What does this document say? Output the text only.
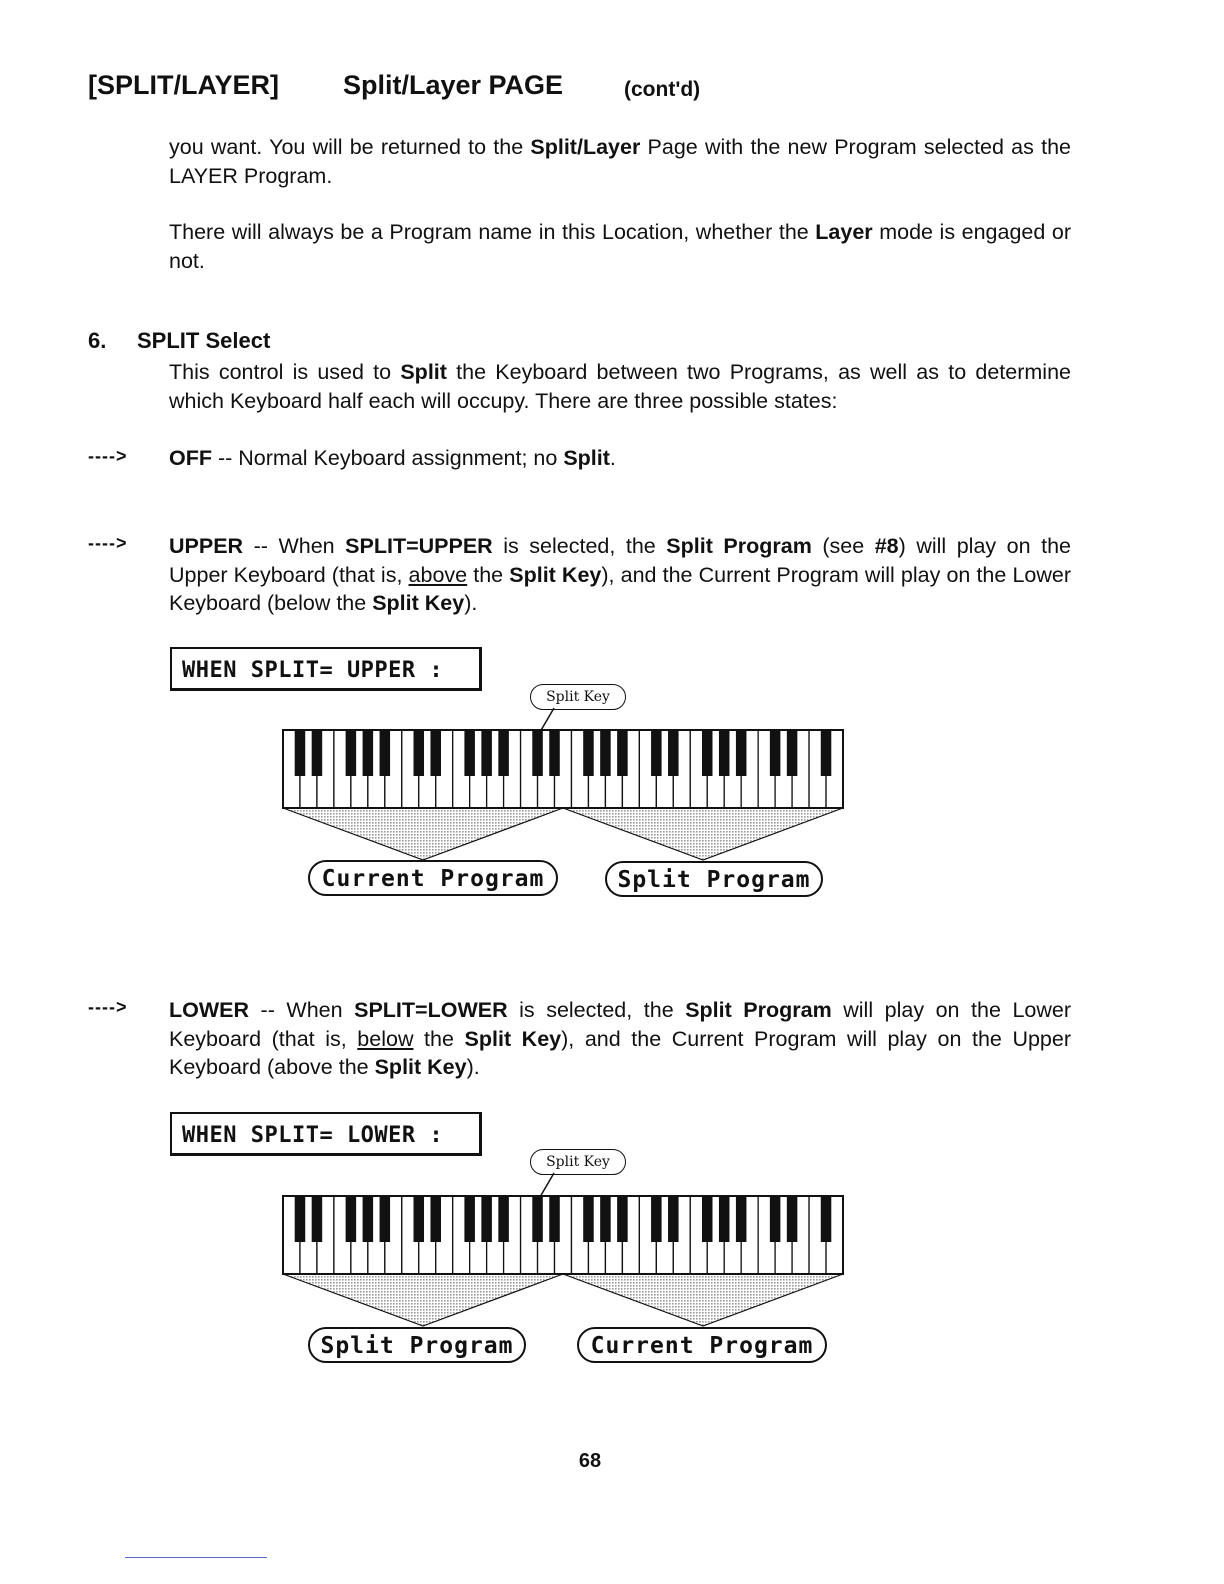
[SPLIT/LAYER] Split/Layer PAGE	(cont'd)
you want. You will be returned to the Split/Layer Page with the new Program selected as the LAYER Program.
There will always be a Program name in this Location, whether the Layer mode is engaged or not.
6. SPLIT Select
This control is used to Split the Keyboard between two Programs, as well as to determine which Keyboard half each will occupy. There are three possible states:
----> OFF -- Normal Keyboard assignment; no Split.
----> UPPER -- When SPLIT=UPPER is selected, the Split Program (see #8) will play on the Upper Keyboard (that is, above the Split Key), and the Current Program will play on the Lower Keyboard (below the Split Key).
WHEN SPLIT= UPPER :
Split Key
Current Program	Split Program
----> LOWER -- When SPLIT=LOWER is selected, the Split Program will play on the Lower Keyboard (that is, below the Split Key), and the Current Program will play on the Upper Keyboard (above the Split Key).
WHEN SPLIT= LOWER :
Split Key
Split Program	Current Program
68
